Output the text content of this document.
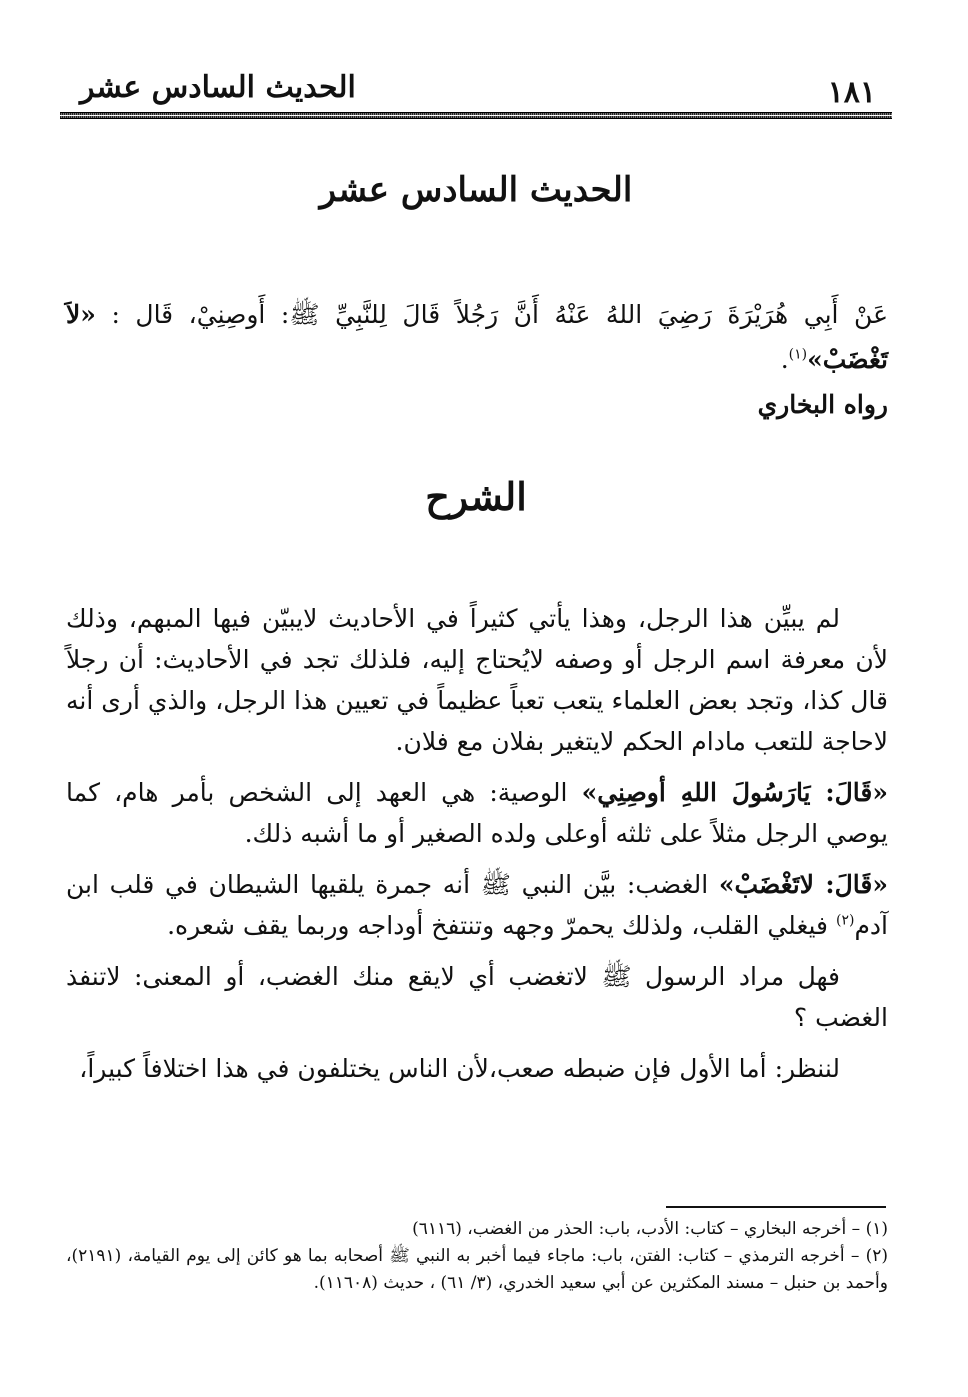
١٨١
الحديث السادس عشر
الحديث السادس عشر
عَنْ أَبِي هُرَيْرَةَ رَضِيَ اللهُ عَنْهُ أَنَّ رَجُلاً قَالَ لِلنَّبِيِّ ﷺ: أَوصِنِيْ، قَال : «لاَ تَغْضَبْ»$^{(١)}$.
رواه البخاري
الشرح

لم يبيِّن هذا الرجل، وهذا يأتي كثيراً في الأحاديث لايبيّن فيها المبهم، وذلك لأن معرفة اسم الرجل أو وصفه لايُحتاج إليه، فلذلك تجد في الأحاديث: أن رجلاً قال كذا، وتجد بعض العلماء يتعب تعباً عظيماً في تعيين هذا الرجل، والذي أرى أنه لاحاجة للتعب مادام الحكم لايتغير بفلان مع فلان.

«قَالَ: يَارَسُولَ اللهِ أوصِنِي» الوصية: هي العهد إلى الشخص بأمر هام، كما يوصي الرجل مثلاً على ثلثه أوعلى ولده الصغير أو ما أشبه ذلك.

«قَالَ: لاتَغْضَبْ» الغضب: بيَّن النبي ﷺ أنه جمرة يلقيها الشيطان في قلب ابن آدم$^{(٢)}$ فيغلي القلب، ولذلك يحمرّ وجهه وتنتفخ أوداجه وربما يقف شعره.

فهل مراد الرسول ﷺ لاتغضب أي لايقع منك الغضب، أو المعنى: لاتنفذ الغضب ؟

لننظر: أما الأول فإن ضبطه صعب،لأن الناس يختلفون في هذا اختلافاً كبيراً،

(١) – أخرجه البخاري – كتاب: الأدب، باب: الحذر من الغضب، (٦١١٦)
(٢) – أخرجه الترمذي – كتاب: الفتن، باب: ماجاء فيما أخبر به النبي ﷺ أصحابه بما هو كائن إلى يوم القيامة، (٢١٩١)، وأحمد بن حنبل – مسند المكثرين عن أبي سعيد الخدري، (٣/ ٦١) ، حديث (١١٦٠٨).
